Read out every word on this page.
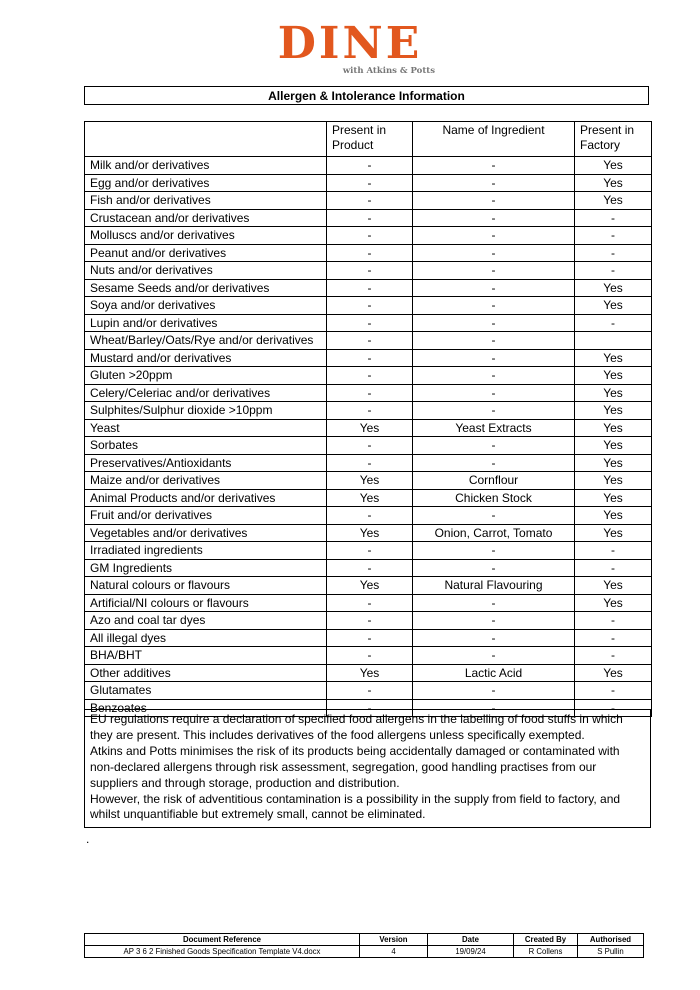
DINE
with Atkins & Potts
Allergen & Intolerance Information
	Present in Product	Name of Ingredient	Present in Factory
Milk and/or derivatives	-	-	Yes
Egg and/or derivatives	-	-	Yes
Fish and/or derivatives	-	-	Yes
Crustacean and/or derivatives	-	-	-
Molluscs and/or derivatives	-	-	-
Peanut and/or derivatives	-	-	-
Nuts and/or derivatives	-	-	-
Sesame Seeds and/or derivatives	-	-	Yes
Soya and/or derivatives	-	-	Yes
Lupin and/or derivatives	-	-	-
Wheat/Barley/Oats/Rye and/or derivatives	-	-	
Mustard and/or derivatives	-	-	Yes
Gluten >20ppm	-	-	Yes
Celery/Celeriac and/or derivatives	-	-	Yes
Sulphites/Sulphur dioxide >10ppm	-	-	Yes
Yeast	Yes	Yeast Extracts	Yes
Sorbates	-	-	Yes
Preservatives/Antioxidants	-	-	Yes
Maize and/or derivatives	Yes	Cornflour	Yes
Animal Products and/or derivatives	Yes	Chicken Stock	Yes
Fruit and/or derivatives	-	-	Yes
Vegetables and/or derivatives	Yes	Onion, Carrot, Tomato	Yes
Irradiated ingredients	-	-	-
GM Ingredients	-	-	-
Natural colours or flavours	Yes	Natural Flavouring	Yes
Artificial/NI colours or flavours	-	-	Yes
Azo and coal tar dyes	-	-	-
All illegal dyes	-	-	-
BHA/BHT	-	-	-
Other additives	Yes	Lactic Acid	Yes
Glutamates	-	-	-
Benzoates	-	-	-

EU regulations require a declaration of specified food allergens in the labelling of food stuffs in which they are present. This includes derivatives of the food allergens unless specifically exempted.

Atkins and Potts minimises the risk of its products being accidentally damaged or contaminated with non-declared allergens through risk assessment, segregation, good handling practises from our suppliers and through storage, production and distribution.

However, the risk of adventitious contamination is a possibility in the supply from field to factory, and whilst unquantifiable but extremely small, cannot be eliminated.

.
Document Reference	Version	Date	Created By	Authorised
AP 3 6 2 Finished Goods Specification Template V4.docx	4	19/09/24	R Collens	S Pullin
